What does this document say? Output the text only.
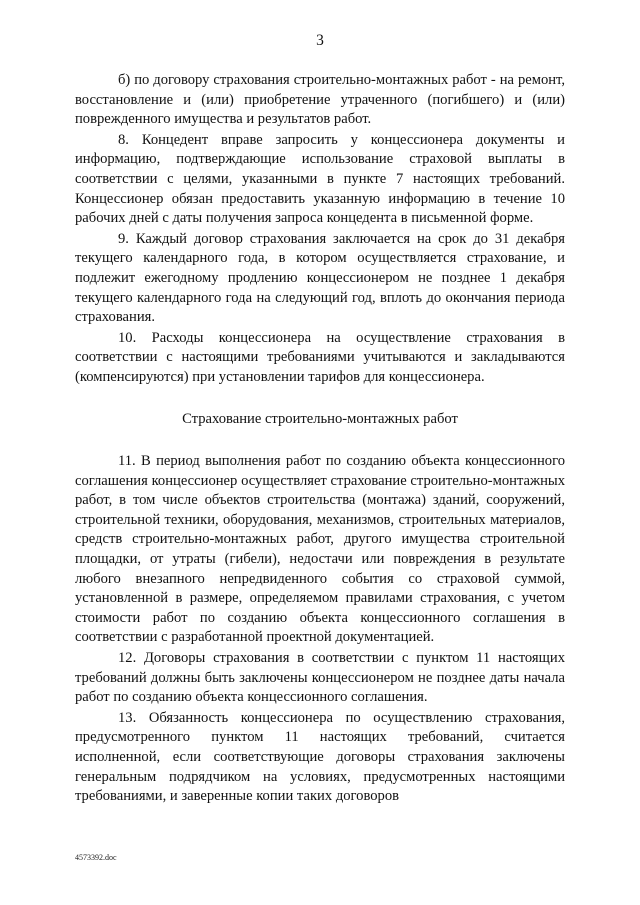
3

б) по договору страхования строительно-монтажных работ - на ремонт, восстановление и (или) приобретение утраченного (погибшего) и (или) поврежденного имущества и результатов работ.

8. Концедент вправе запросить у концессионера документы и информацию, подтверждающие использование страховой выплаты в соответствии с целями, указанными в пункте 7 настоящих требований. Концессионер обязан предоставить указанную информацию в течение 10 рабочих дней с даты получения запроса концедента в письменной форме.

9. Каждый договор страхования заключается на срок до 31 декабря текущего календарного года, в котором осуществляется страхование, и подлежит ежегодному продлению концессионером не позднее 1 декабря текущего календарного года на следующий год, вплоть до окончания периода страхования.

10. Расходы концессионера на осуществление страхования в соответствии с настоящими требованиями учитываются и закладываются (компенсируются) при установлении тарифов для концессионера.

Страхование строительно-монтажных работ

11. В период выполнения работ по созданию объекта концессионного соглашения концессионер осуществляет страхование строительно-монтажных работ, в том числе объектов строительства (монтажа) зданий, сооружений, строительной техники, оборудования, механизмов, строительных материалов, средств строительно-монтажных работ, другого имущества строительной площадки, от утраты (гибели), недостачи или повреждения в результате любого внезапного непредвиденного события со страховой суммой, установленной в размере, определяемом правилами страхования, с учетом стоимости работ по созданию объекта концессионного соглашения в соответствии с разработанной проектной документацией.

12. Договоры страхования в соответствии с пунктом 11 настоящих требований должны быть заключены концессионером не позднее даты начала работ по созданию объекта концессионного соглашения.

13. Обязанность концессионера по осуществлению страхования, предусмотренного пунктом 11 настоящих требований, считается исполненной, если соответствующие договоры страхования заключены генеральным подрядчиком на условиях, предусмотренных настоящими требованиями, и заверенные копии таких договоров

4573392.doc
